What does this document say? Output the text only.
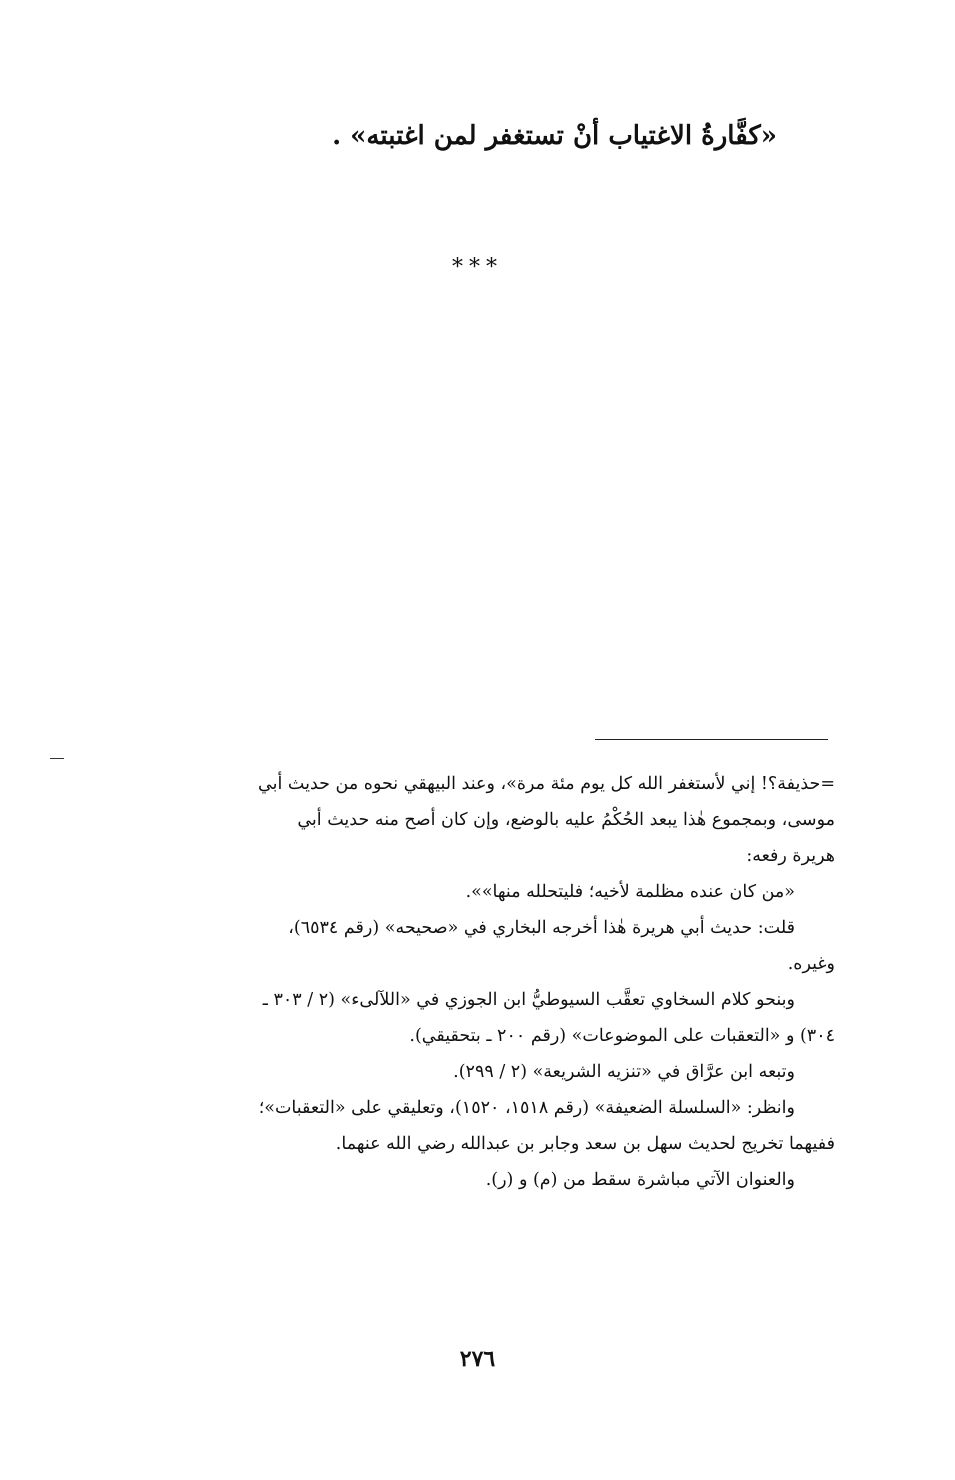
«كفَّارةُ الاغتياب أنْ تستغفر لمن اغتبته» .
***
=حذيفة؟! إني لأستغفر الله كل يوم مئة مرة»، وعند البيهقي نحوه من حديث أبي
موسى، وبمجموع هٰذا يبعد الحُكْمُ عليه بالوضع، وإن كان أصح منه حديث أبي
هريرة رفعه:
«من كان عنده مظلمة لأخيه؛ فليتحلله منها»».
قلت: حديث أبي هريرة هٰذا أخرجه البخاري في «صحيحه» (رقم ٦٥٣٤)،
وغيره.
وبنحو كلام السخاوي تعقَّب السيوطيُّ ابن الجوزي في «اللآلىء» (٢ / ٣٠٣ ـ
٣٠٤) و «التعقبات على الموضوعات» (رقم ٢٠٠ ـ بتحقيقي).
وتبعه ابن عرَّاق في «تنزيه الشريعة» (٢ / ٢٩٩).
وانظر: «السلسلة الضعيفة» (رقم ١٥١٨، ١٥٢٠)، وتعليقي على «التعقبات»؛
ففيهما تخريج لحديث سهل بن سعد وجابر بن عبدالله رضي الله عنهما.
والعنوان الآتي مباشرة سقط من (م) و (ر).
٢٧٦
